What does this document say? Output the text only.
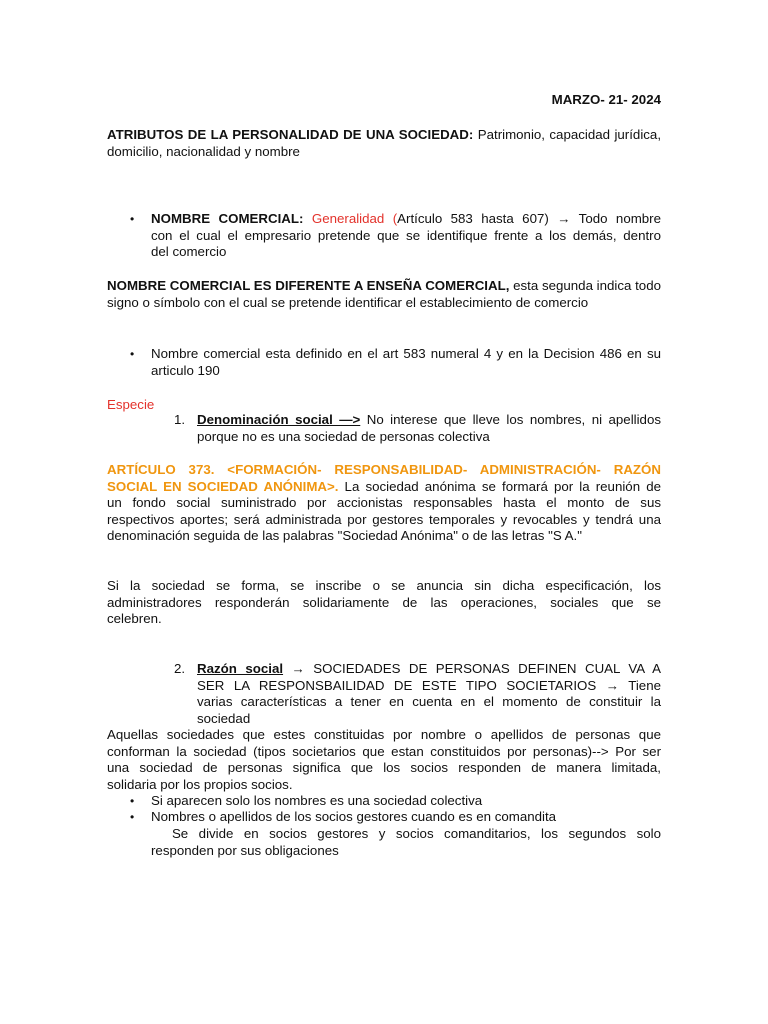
MARZO- 21- 2024
ATRIBUTOS DE LA PERSONALIDAD DE UNA SOCIEDAD: Patrimonio, capacidad jurídica, domicilio, nacionalidad y nombre
• NOMBRE COMERCIAL: Generalidad (Artículo 583 hasta 607) → Todo nombre
con el cual el empresario pretende que se identifique frente a los demás, dentro
del comercio
NOMBRE COMERCIAL ES DIFERENTE A ENSEÑA COMERCIAL, esta segunda indica todo signo o símbolo con el cual se pretende identificar el establecimiento de comercio
• Nombre comercial esta definido en el art 583 numeral 4 y en la Decision 486 en su
articulo 190
Especie
1. Denominación social —> No interese que lleve los nombres, ni apellidos
porque no es una sociedad de personas colectiva
ARTÍCULO 373. <FORMACIÓN- RESPONSABILIDAD- ADMINISTRACIÓN- RAZÓN
SOCIAL EN SOCIEDAD ANÓNIMA>. La sociedad anónima se formará por la reunión de
un fondo social suministrado por accionistas responsables hasta el monto de sus
respectivos aportes; será administrada por gestores temporales y revocables y tendrá una
denominación seguida de las palabras "Sociedad Anónima" o de las letras "S A."
Si la sociedad se forma, se inscribe o se anuncia sin dicha especificación, los
administradores responderán solidariamente de las operaciones, sociales que se
celebren.
2. Razón social → SOCIEDADES DE PERSONAS DEFINEN CUAL VA A
SER LA RESPONSBAILIDAD DE ESTE TIPO SOCIETARIOS → Tiene
varias características a tener en cuenta en el momento de constituir la
sociedad
Aquellas sociedades que estes constituidas por nombre o apellidos de personas que
conforman la sociedad (tipos societarios que estan constituidos por personas)--> Por ser
una sociedad de personas significa que los socios responden de manera limitada,
solidaria por los propios socios.
• Si aparecen solo los nombres es una sociedad colectiva
• Nombres o apellidos de los socios gestores cuando es en comandita
Se divide en socios gestores y socios comanditarios, los segundos solo
responden por sus obligaciones
